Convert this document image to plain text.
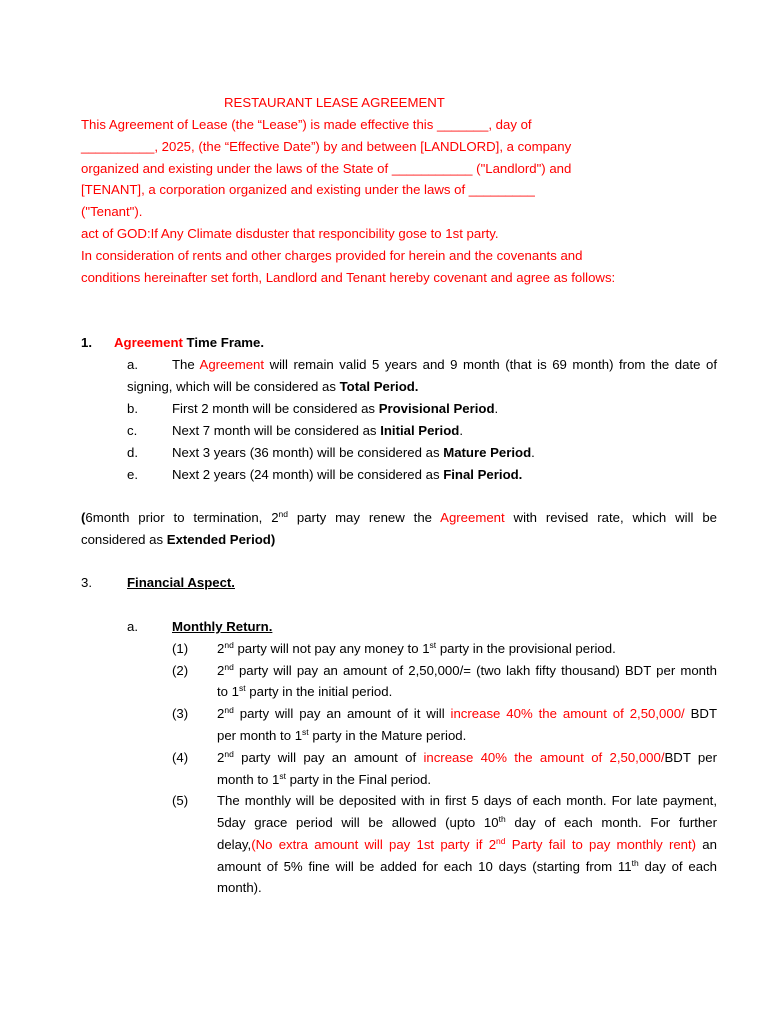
RESTAURANT LEASE AGREEMENT
This Agreement of Lease (the “Lease”) is made effective this _______, day of
__________, 2025, (the “Effective Date”) by and between [LANDLORD], a company
organized and existing under the laws of the State of ___________ ("Landlord") and
[TENANT], a corporation organized and existing under the laws of _________
("Tenant").
act of GOD:If Any Climate disduster that responcibility gose to 1st party.
In consideration of rents and other charges provided for herein and the covenants and
conditions hereinafter set forth, Landlord and Tenant hereby covenant and agree as follows:
1. Agreement Time Frame.
a.	The Agreement will remain valid 5 years and 9 month (that is 69 month) from the date of
signing, which will be considered as Total Period.
b.	First 2 month will be considered as Provisional Period.
c.	Next 7 month will be considered as Initial Period.
d.	Next 3 years (36 month) will be considered as Mature Period.
e.	Next 2 years (24 month) will be considered as Final Period.
(6month prior to termination, 2nd party may renew the Agreement with revised rate, which will be
considered as Extended Period)
3.	Financial Aspect.
a.	Monthly Return.
(1) 2nd party will not pay any money to 1st party in the provisional period.
(2) 2nd party will pay an amount of 2,50,000/= (two lakh fifty thousand) BDT per month
to 1st party in the initial period.
(3) 2nd party will pay an amount of it will increase 40% the amount of 2,50,000/ BDT
per month to 1st party in the Mature period.
(4) 2nd party will pay an amount of increase 40% the amount of 2,50,000/BDT per
month to 1st party in the Final period.
(5) The monthly will be deposited with in first 5 days of each month. For late payment,
5day grace period will be allowed (upto 10th day of each month. For further
delay,(No extra amount will pay 1st party if 2nd Party fail to pay monthly rent) an
amount of 5% fine will be added for each 10 days (starting from 11th day of each
month).
